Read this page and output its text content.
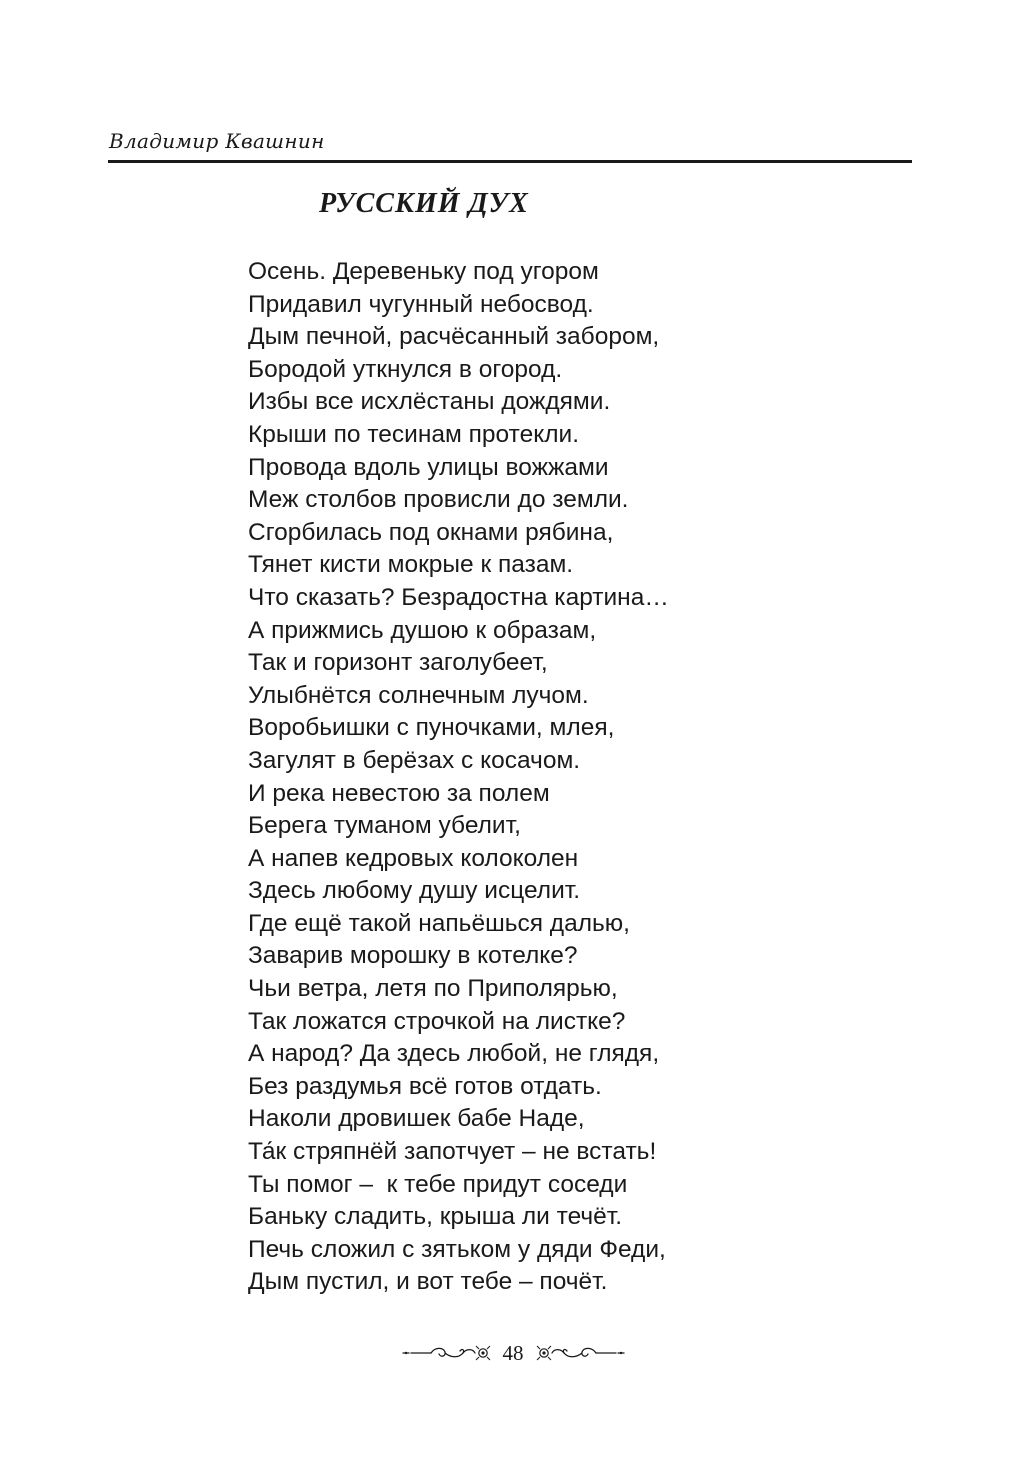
Владимир Квашнин
РУССКИЙ ДУХ
Осень. Деревеньку под угором
Придавил чугунный небосвод.
Дым печной, расчёсанный забором,
Бородой уткнулся в огород.
Избы все исхлёстаны дождями.
Крыши по тесинам протекли.
Провода вдоль улицы вожжами
Меж столбов провисли до земли.
Сгорбилась под окнами рябина,
Тянет кисти мокрые к пазам.
Что сказать? Безрадостна картина…
А прижмись душою к образам,
Так и горизонт заголубеет,
Улыбнётся солнечным лучом.
Воробьишки с пуночками, млея,
Загулят в берёзах с косачом.
И река невестою за полем
Берега туманом убелит,
А напев кедровых колоколен
Здесь любому душу исцелит.
Где ещё такой напьёшься далью,
Заварив морошку в котелке?
Чьи ветра, летя по Приполярью,
Так ложатся строчкой на листке?
А народ? Да здесь любой, не глядя,
Без раздумья всё готов отдать.
Наколи дровишек бабе Наде,
Та́к стряпнёй запотчует – не встать!
Ты помог –  к тебе придут соседи
Баньку сладить, крыша ли течёт.
Печь сложил с зятьком у дяди Феди,
Дым пустил, и вот тебе – почёт.
48
